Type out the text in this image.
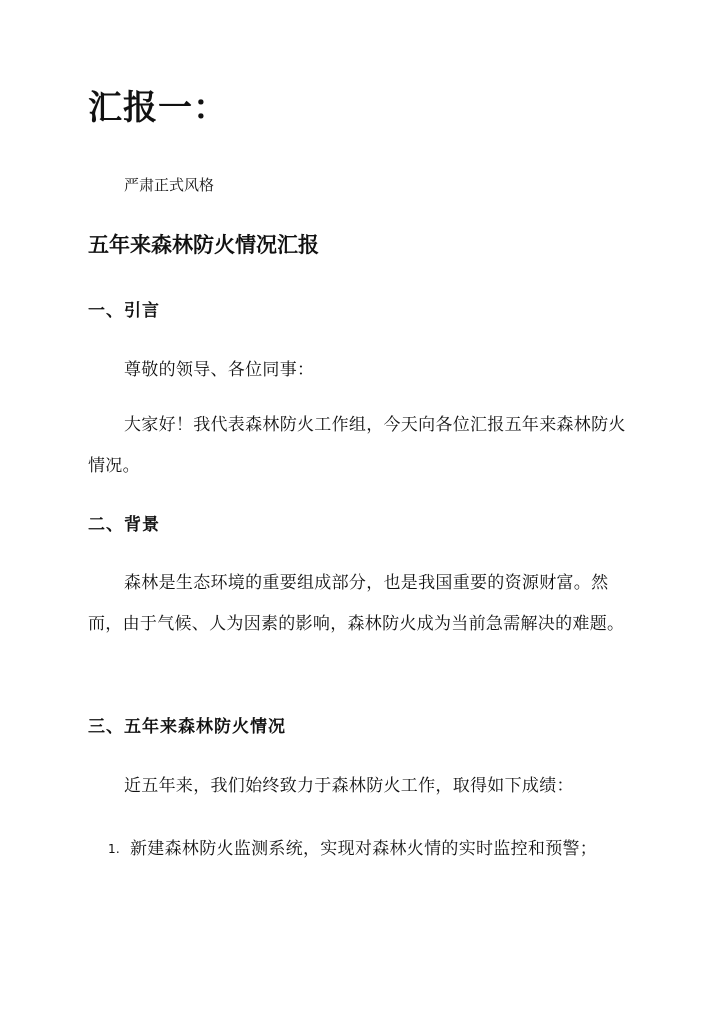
汇报一：

严肃正式风格

五年来森林防火情况汇报
一、引言

尊敬的领导、各位同事：

大家好！我代表森林防火工作组，今天向各位汇报五年来森林防火情况。

二、背景

森林是生态环境的重要组成部分，也是我国重要的资源财富。然而，由于气候、人为因素的影响，森林防火成为当前急需解决的难题。

三、五年来森林防火情况

近五年来，我们始终致力于森林防火工作，取得如下成绩：

1. 新建森林防火监测系统，实现对森林火情的实时监控和预警；
